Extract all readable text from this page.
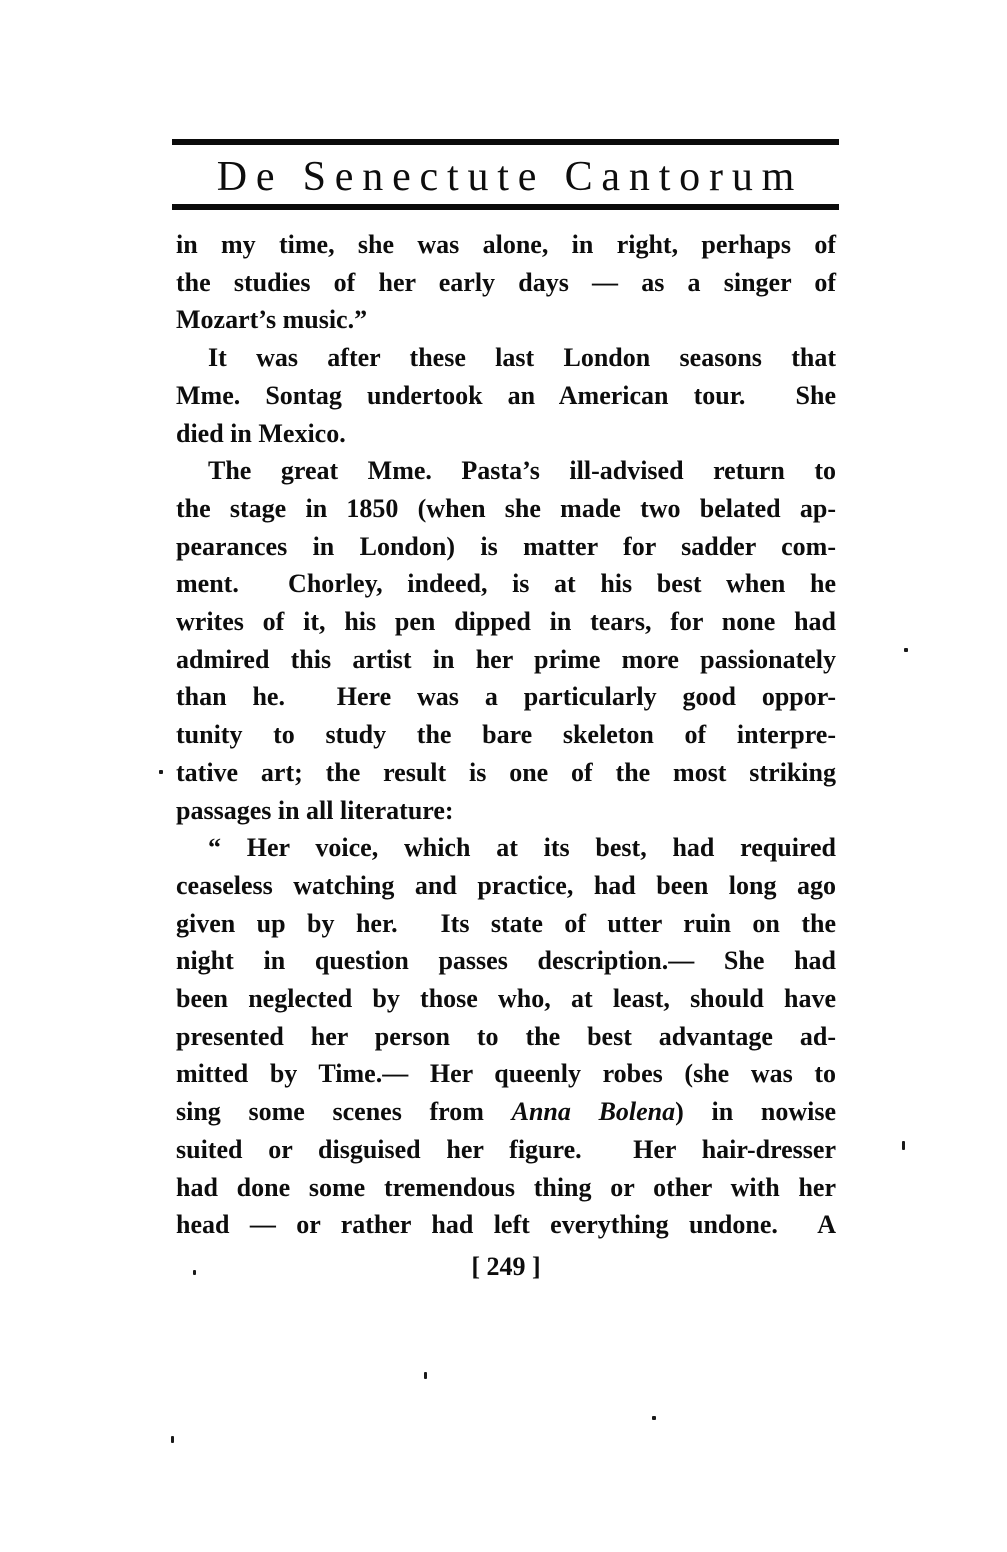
De Senectute Cantorum
in my time, she was alone, in right, perhaps of
the studies of her early days — as a singer of
Mozart’s music.”
It was after these last London seasons that
Mme. Sontag undertook an American tour.  She
died in Mexico.
The great Mme. Pasta’s ill-advised return to
the stage in 1850 (when she made two belated ap-
pearances in London) is matter for sadder com-
ment.  Chorley, indeed, is at his best when he
writes of it, his pen dipped in tears, for none had
admired this artist in her prime more passionately
than he.  Here was a particularly good oppor-
tunity to study the bare skeleton of interpre-
tative art; the result is one of the most striking
passages in all literature:
“ Her voice, which at its best, had required
ceaseless watching and practice, had been long ago
given up by her.  Its state of utter ruin on the
night in question passes description.— She had
been neglected by those who, at least, should have
presented her person to the best advantage ad-
mitted by Time.— Her queenly robes (she was to
sing some scenes from Anna Bolena) in nowise
suited or disguised her figure.  Her hair-dresser
had done some tremendous thing or other with her
head — or rather had left everything undone.  A
[ 249 ]
